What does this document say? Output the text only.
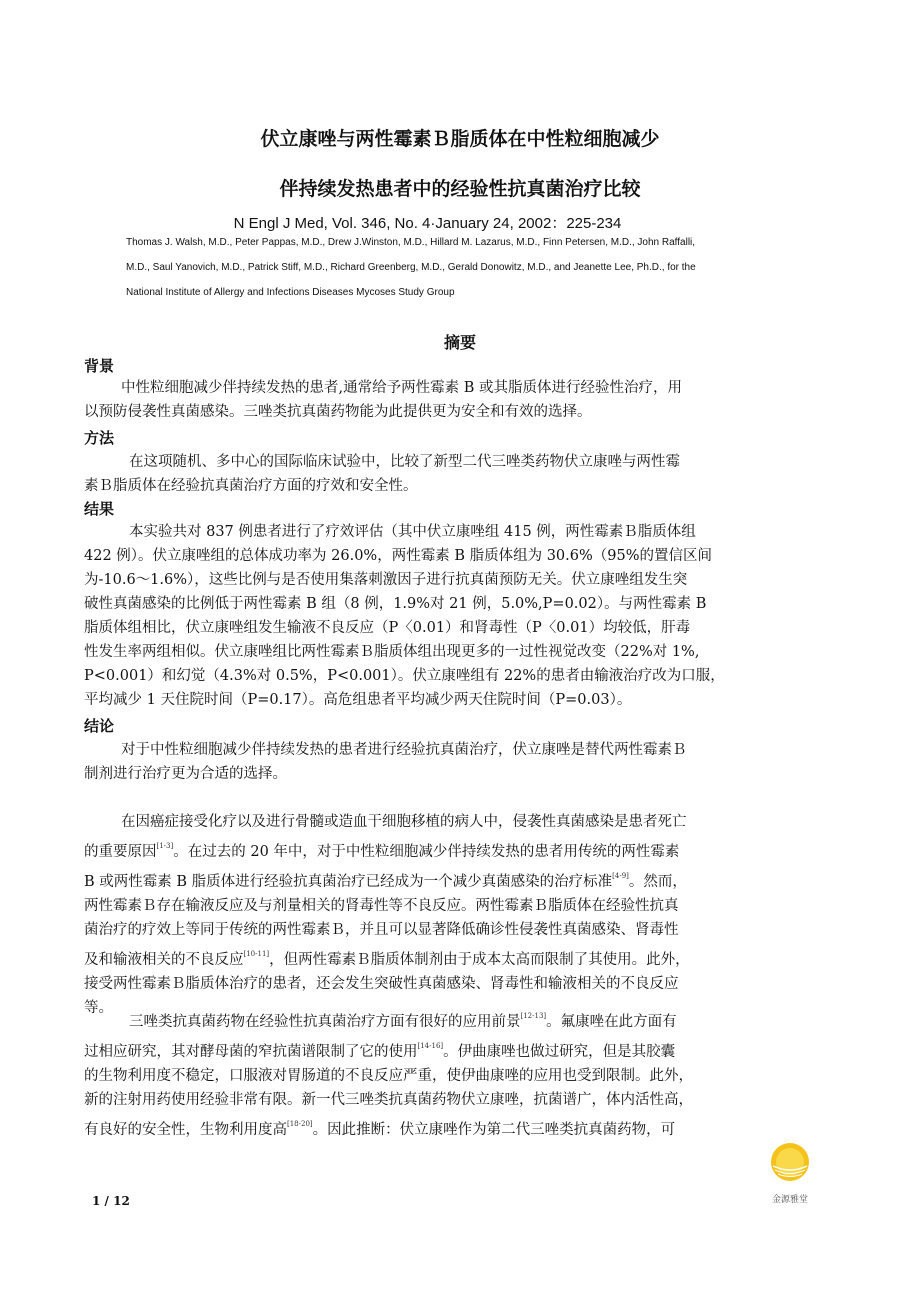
伏立康唑与两性霉素Ｂ脂质体在中性粒细胞减少
伴持续发热患者中的经验性抗真菌治疗比较
N Engl J Med, Vol. 346, No. 4·January 24, 2002：225-234
Thomas J. Walsh, M.D., Peter Pappas, M.D., Drew J.Winston, M.D., Hillard M. Lazarus, M.D., Finn Petersen, M.D., John Raffalli,
M.D., Saul Yanovich, M.D., Patrick Stiff, M.D., Richard Greenberg, M.D., Gerald Donowitz, M.D., and Jeanette Lee, Ph.D., for the
National Institute of Allergy and Infections Diseases Mycoses Study Group
摘要
背景
中性粒细胞减少伴持续发热的患者,通常给予两性霉素 B 或其脂质体进行经验性治疗，用
以预防侵袭性真菌感染。三唑类抗真菌药物能为此提供更为安全和有效的选择。
方法
在这项随机、多中心的国际临床试验中，比较了新型二代三唑类药物伏立康唑与两性霉
素Ｂ脂质体在经验抗真菌治疗方面的疗效和安全性。
结果
本实验共对 837 例患者进行了疗效评估（其中伏立康唑组 415 例，两性霉素Ｂ脂质体组
422 例）。伏立康唑组的总体成功率为 26.0%，两性霉素 B 脂质体组为 30.6%（95%的置信区间
为-10.6～1.6%），这些比例与是否使用集落刺激因子进行抗真菌预防无关。伏立康唑组发生突
破性真菌感染的比例低于两性霉素 B 组（8 例，1.9%对 21 例，5.0%,P=0.02）。与两性霉素 B
脂质体组相比，伏立康唑组发生输液不良反应（P〈0.01）和肾毒性（P〈0.01）均较低，肝毒
性发生率两组相似。伏立康唑组比两性霉素Ｂ脂质体组出现更多的一过性视觉改变（22%对 1%,
P<0.001）和幻觉（4.3%对 0.5%，P<0.001）。伏立康唑组有 22%的患者由输液治疗改为口服，
平均减少 1 天住院时间（P=0.17）。高危组患者平均减少两天住院时间（P=0.03）。
结论
对于中性粒细胞减少伴持续发热的患者进行经验抗真菌治疗，伏立康唑是替代两性霉素Ｂ
制剂进行治疗更为合适的选择。
在因癌症接受化疗以及进行骨髓或造血干细胞移植的病人中，侵袭性真菌感染是患者死亡
的重要原因[1-3]。在过去的 20 年中，对于中性粒细胞减少伴持续发热的患者用传统的两性霉素
B 或两性霉素 B 脂质体进行经验抗真菌治疗已经成为一个减少真菌感染的治疗标准[4-9]。然而，
两性霉素Ｂ存在输液反应及与剂量相关的肾毒性等不良反应。两性霉素Ｂ脂质体在经验性抗真
菌治疗的疗效上等同于传统的两性霉素Ｂ，并且可以显著降低确诊性侵袭性真菌感染、肾毒性
及和输液相关的不良反应[10-11]，但两性霉素Ｂ脂质体制剂由于成本太高而限制了其使用。此外，
接受两性霉素Ｂ脂质体治疗的患者，还会发生突破性真菌感染、肾毒性和输液相关的不良反应
等。
三唑类抗真菌药物在经验性抗真菌治疗方面有很好的应用前景[12-13]。氟康唑在此方面有
过相应研究，其对酵母菌的窄抗菌谱限制了它的使用[14-16]。伊曲康唑也做过研究，但是其胶囊
的生物利用度不稳定，口服液对胃肠道的不良反应严重，使伊曲康唑的应用也受到限制。此外，
新的注射用药使用经验非常有限。新一代三唑类抗真菌药物伏立康唑，抗菌谱广，体内活性高，
有良好的安全性，生物利用度高[18-20]。因此推断：伏立康唑作为第二代三唑类抗真菌药物，可
1 / 12	金源雅堂
